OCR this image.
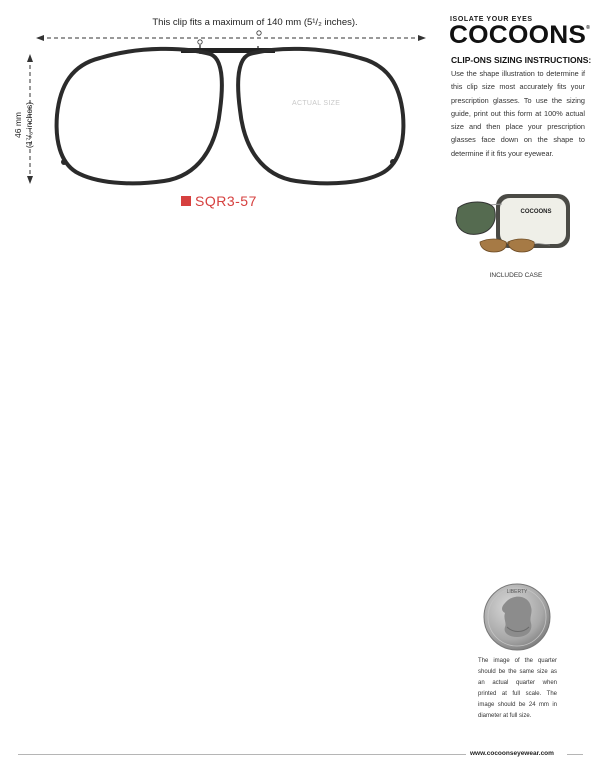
This clip fits a maximum of 140 mm (5¹/₂ inches).
46 mm (1⁷/₈ inches)	ACTUAL SIZE
SQR3-57
ISOLATE YOUR EYES
COCOONS®
CLIP-ONS SIZING INSTRUCTIONS:
Use the shape illustration to determine if this clip size most accurately fits your prescription glasses. To use the sizing guide, print out this form at 100% actual size and then place your prescription glasses face down on the shape to determine if it fits your eyewear.
COCOONS
INCLUDED CASE
LIBERTY
The image of the quarter should be the same size as an actual quarter when printed at full scale. The image should be 24 mm in diameter at full size.
www.cocoonseyewear.com
